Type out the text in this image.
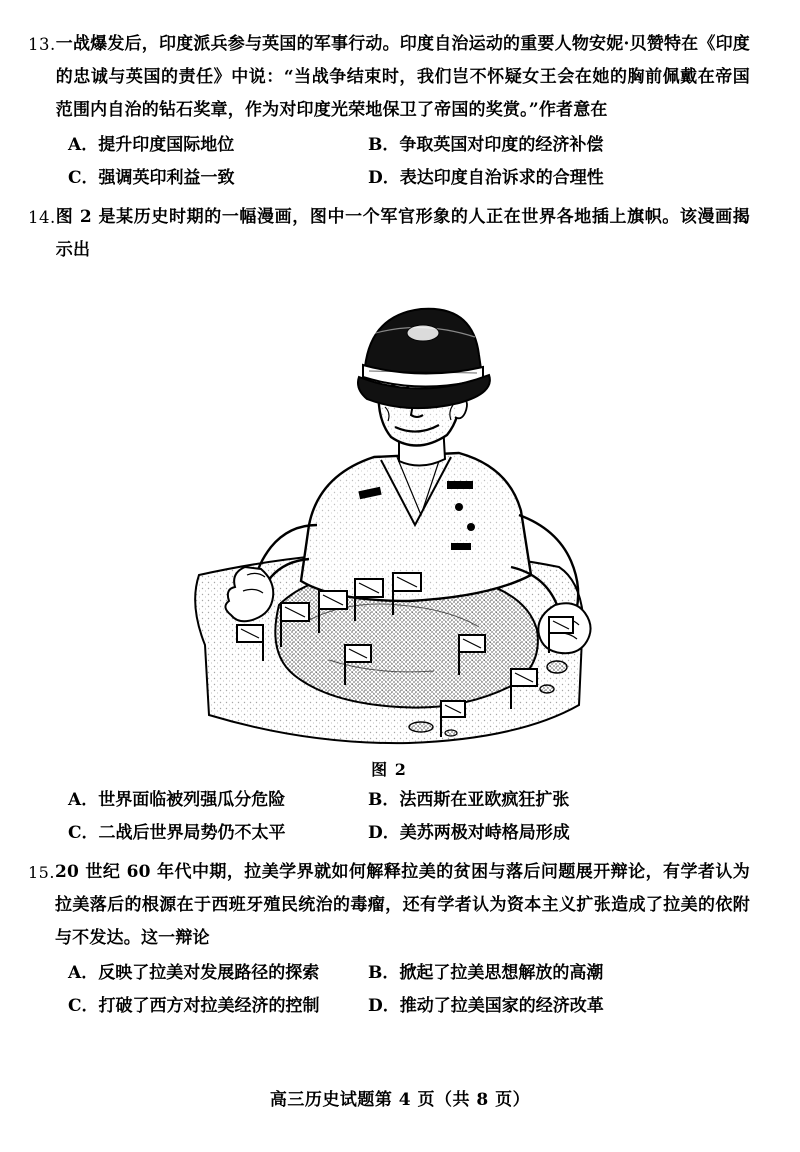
13. 一战爆发后，印度派兵参与英国的军事行动。印度自治运动的重要人物安妮·贝赞特在《印度的忠诚与英国的责任》中说：“当战争结束时，我们岂不怀疑女王会在她的胸前佩戴在帝国范围内自治的钻石奖章，作为对印度光荣地保卫了帝国的奖赏。”作者意在
A．提升印度国际地位	B．争取英国对印度的经济补偿
C．强调英印利益一致	D．表达印度自治诉求的合理性
14. 图 2 是某历史时期的一幅漫画，图中一个军官形象的人正在世界各地插上旗帜。该漫画揭示出
图 2
A．世界面临被列强瓜分危险	B．法西斯在亚欧疯狂扩张
C．二战后世界局势仍不太平	D．美苏两极对峙格局形成
15. 20 世纪 60 年代中期，拉美学界就如何解释拉美的贫困与落后问题展开辩论，有学者认为拉美落后的根源在于西班牙殖民统治的毒瘤，还有学者认为资本主义扩张造成了拉美的依附与不发达。这一辩论
A．反映了拉美对发展路径的探索	B．掀起了拉美思想解放的高潮
C．打破了西方对拉美经济的控制	D．推动了拉美国家的经济改革
高三历史试题第 4 页（共 8 页）
